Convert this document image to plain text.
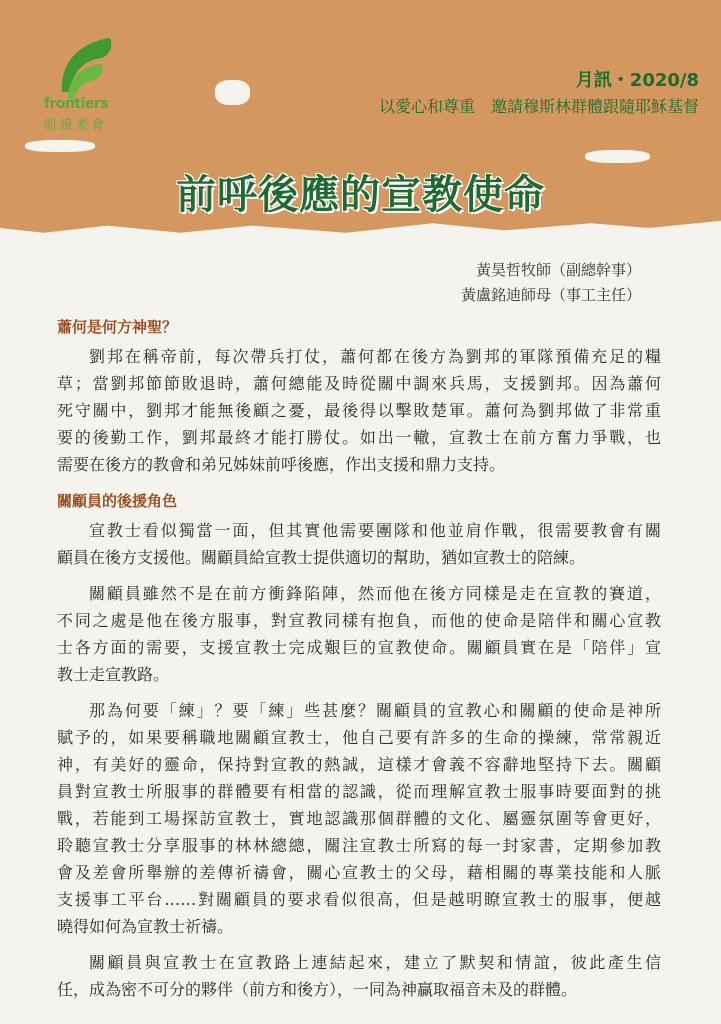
frontiers
前線差會
月訊・2020/8
以愛心和尊重　邀請穆斯林群體跟隨耶穌基督
前呼後應的宣教使命
黃昊哲牧師（副總幹事）
黃盧銘迪師母（事工主任）
蕭何是何方神聖？
劉邦在稱帝前，每次帶兵打仗，蕭何都在後方為劉邦的軍隊預備充足的糧
草；當劉邦節節敗退時，蕭何總能及時從關中調來兵馬，支援劉邦。因為蕭何
死守關中，劉邦才能無後顧之憂，最後得以擊敗楚軍。蕭何為劉邦做了非常重
要的後勤工作，劉邦最終才能打勝仗。如出一轍，宣教士在前方奮力爭戰，也
需要在後方的教會和弟兄姊妹前呼後應，作出支援和鼎力支持。
關顧員的後援角色
宣教士看似獨當一面，但其實他需要團隊和他並肩作戰，很需要教會有關
顧員在後方支援他。關顧員給宣教士提供適切的幫助，猶如宣教士的陪練。
關顧員雖然不是在前方衝鋒陷陣，然而他在後方同樣是走在宣教的賽道，
不同之處是他在後方服事，對宣教同樣有抱負，而他的使命是陪伴和關心宣教
士各方面的需要，支援宣教士完成艱巨的宣教使命。關顧員實在是「陪伴」宣
教士走宣教路。
那為何要「練」？要「練」些甚麼？關顧員的宣教心和關顧的使命是神所
賦予的，如果要稱職地關顧宣教士，他自己要有許多的生命的操練，常常親近
神，有美好的靈命，保持對宣教的熱誠，這樣才會義不容辭地堅持下去。關顧
員對宣教士所服事的群體要有相當的認識，從而理解宣教士服事時要面對的挑
戰，若能到工場探訪宣教士，實地認識那個群體的文化、屬靈氛圍等會更好，
聆聽宣教士分享服事的林林總總，關注宣教士所寫的每一封家書，定期參加教
會及差會所舉辦的差傳祈禱會，關心宣教士的父母，藉相關的專業技能和人脈
支援事工平台……對關顧員的要求看似很高，但是越明瞭宣教士的服事，便越
曉得如何為宣教士祈禱。
關顧員與宣教士在宣教路上連結起來，建立了默契和情誼，彼此產生信
任，成為密不可分的夥伴（前方和後方），一同為神贏取福音未及的群體。
